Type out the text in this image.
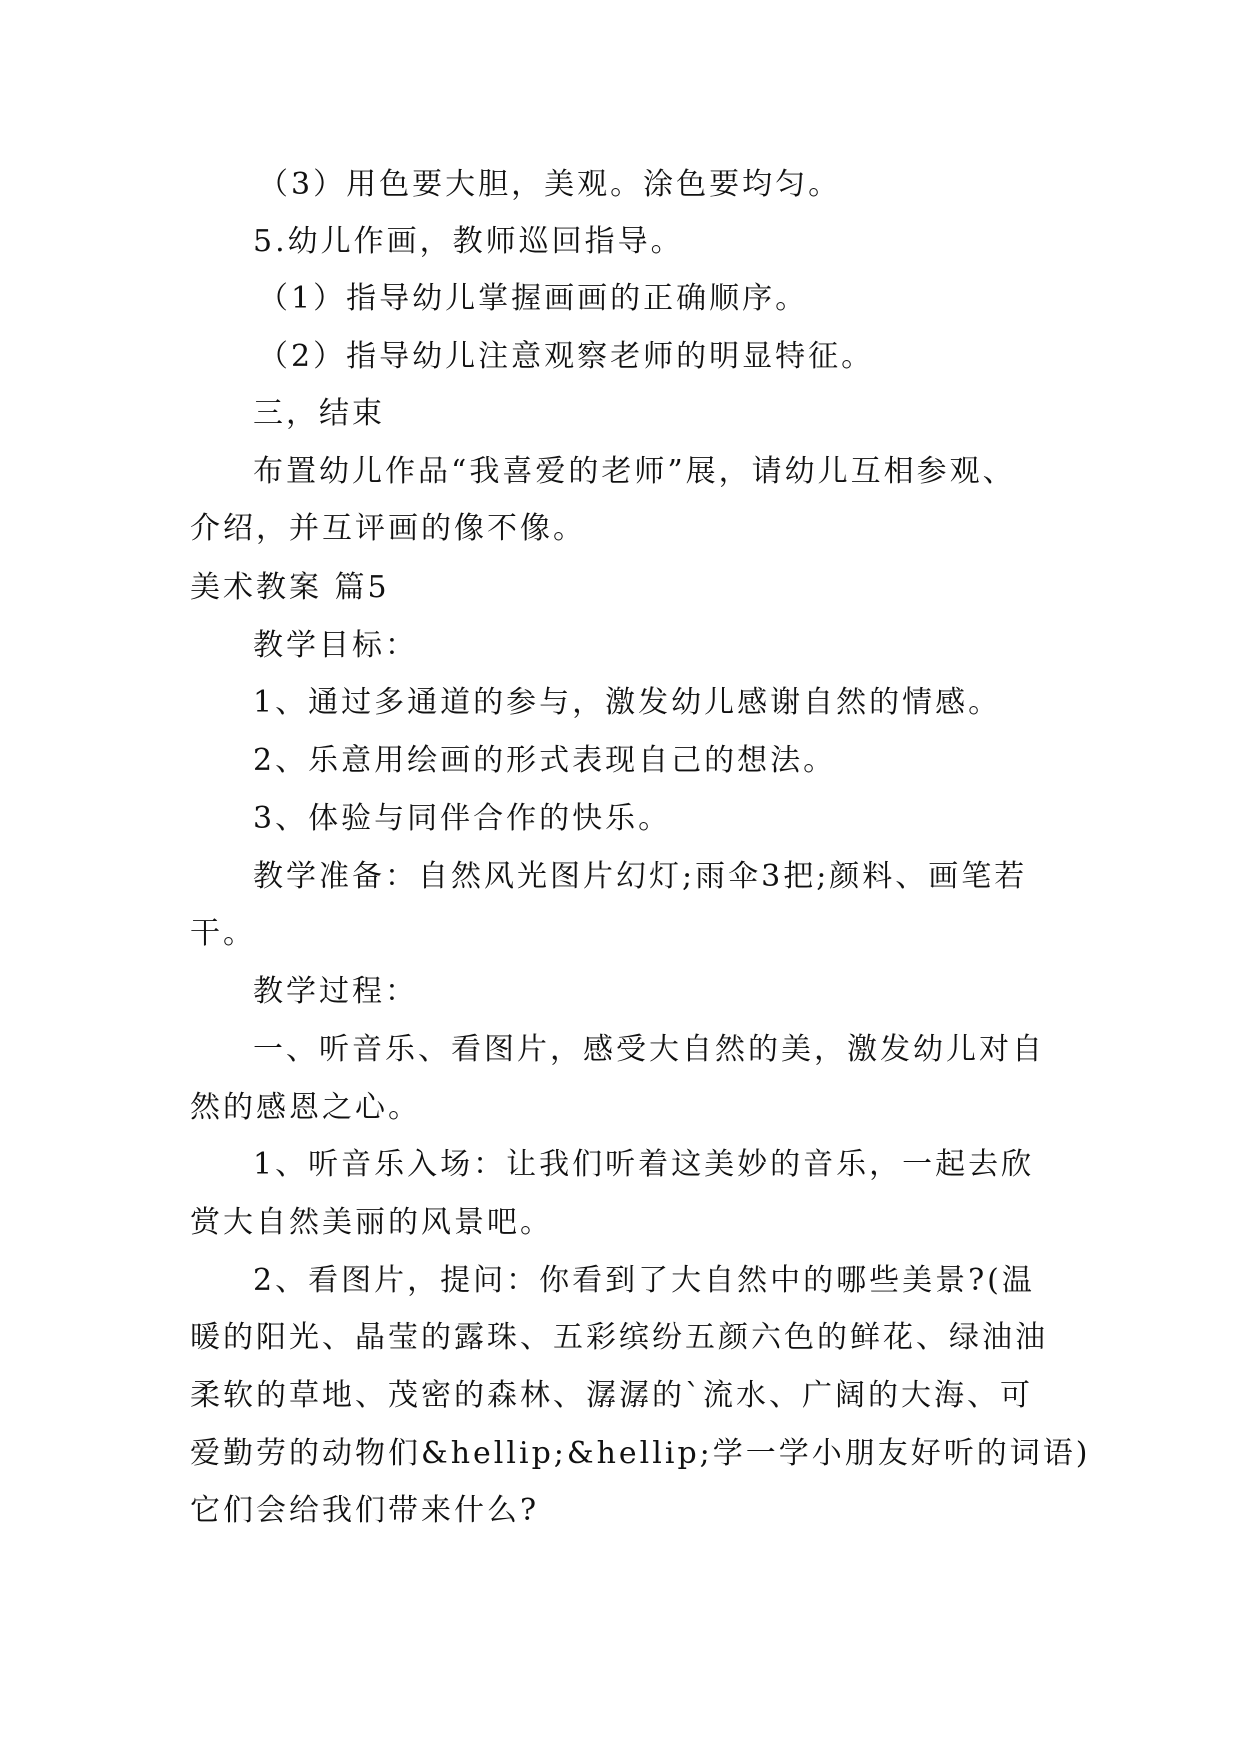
（3）用色要大胆，美观。涂色要均匀。
5.幼儿作画，教师巡回指导。
（1）指导幼儿掌握画画的正确顺序。
（2）指导幼儿注意观察老师的明显特征。
三，结束
布置幼儿作品“我喜爱的老师”展，请幼儿互相参观、
介绍，并互评画的像不像。
美术教案 篇5
教学目标：
1、通过多通道的参与，激发幼儿感谢自然的情感。
2、乐意用绘画的形式表现自己的想法。
3、体验与同伴合作的快乐。
教学准备：自然风光图片幻灯;雨伞3把;颜料、画笔若
干。
教学过程：
一、听音乐、看图片，感受大自然的美，激发幼儿对自
然的感恩之心。
1、听音乐入场：让我们听着这美妙的音乐，一起去欣
赏大自然美丽的风景吧。
2、看图片，提问：你看到了大自然中的哪些美景?(温
暖的阳光、晶莹的露珠、五彩缤纷五颜六色的鲜花、绿油油
柔软的草地、茂密的森林、潺潺的`流水、广阔的大海、可
爱勤劳的动物们&hellip;&hellip;学一学小朋友好听的词语)
它们会给我们带来什么?
